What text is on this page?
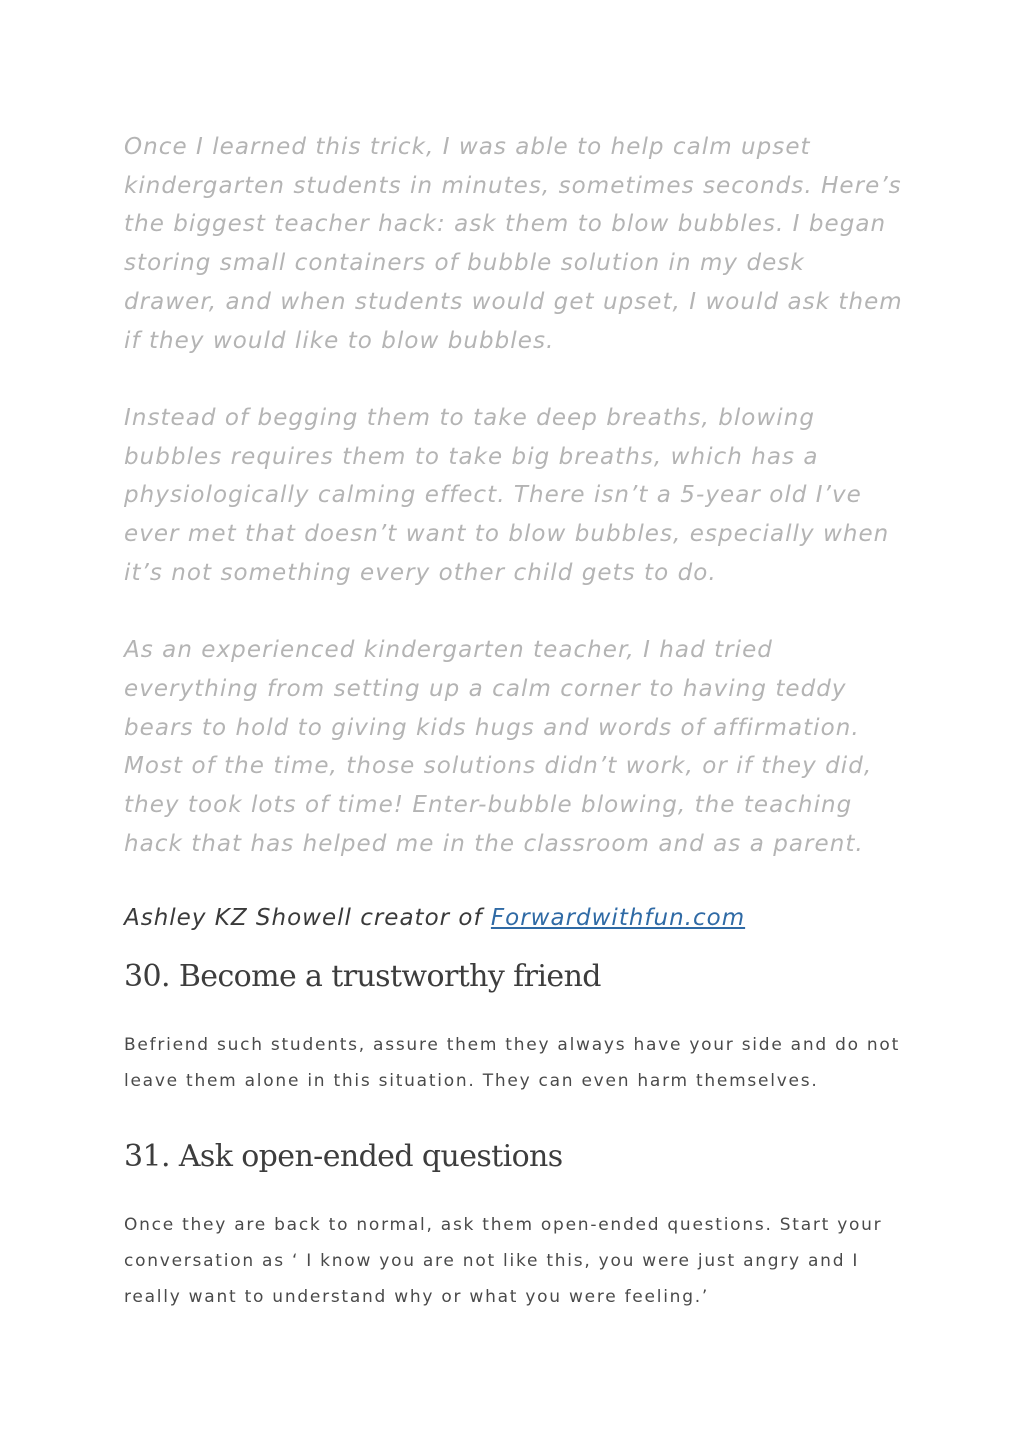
Once I learned this trick, I was able to help calm upset kindergarten students in minutes, sometimes seconds. Here’s the biggest teacher hack: ask them to blow bubbles. I began storing small containers of bubble solution in my desk drawer, and when students would get upset, I would ask them if they would like to blow bubbles.

Instead of begging them to take deep breaths, blowing bubbles requires them to take big breaths, which has a physiologically calming effect. There isn’t a 5-year old I’ve ever met that doesn’t want to blow bubbles, especially when it’s not something every other child gets to do.

As an experienced kindergarten teacher, I had tried everything from setting up a calm corner to having teddy bears to hold to giving kids hugs and words of affirmation. Most of the time, those solutions didn’t work, or if they did, they took lots of time! Enter-bubble blowing, the teaching hack that has helped me in the classroom and as a parent.

Ashley KZ Showell creator of Forwardwithfun.com

30. Become a trustworthy friend

Befriend such students, assure them they always have your side and do not leave them alone in this situation. They can even harm themselves.

31. Ask open-ended questions

Once they are back to normal, ask them open-ended questions. Start your conversation as ‘ I know you are not like this, you were just angry and I really want to understand why or what you were feeling.’
